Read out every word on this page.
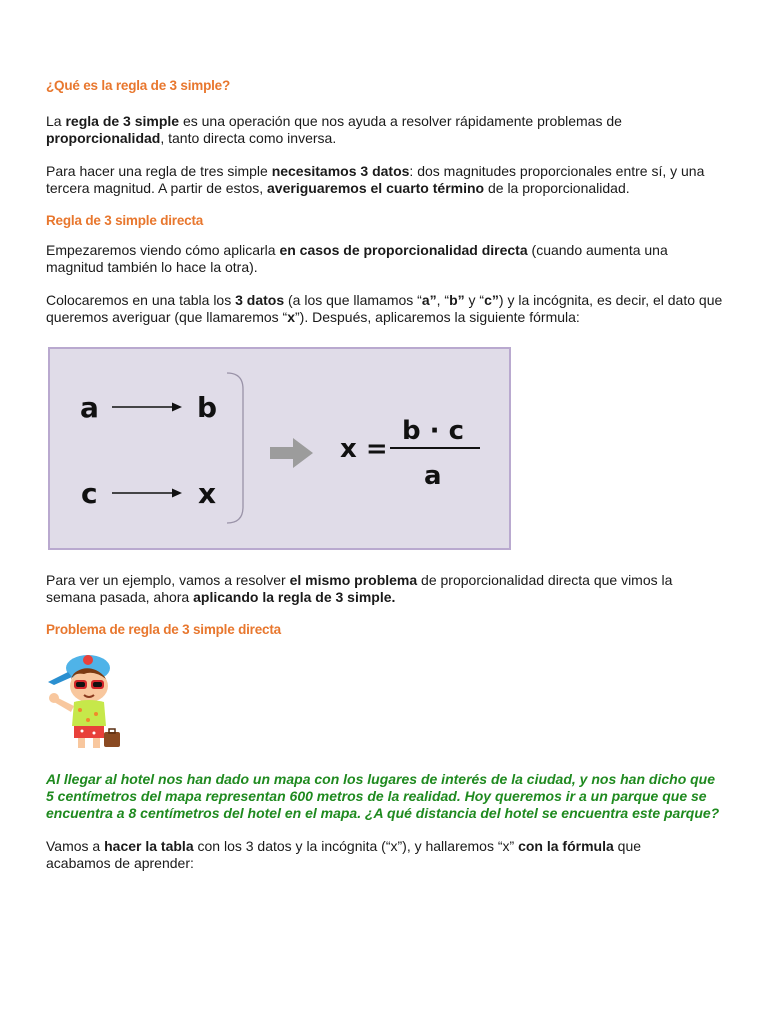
¿Qué es la regla de 3 simple?

La regla de 3 simple es una operación que nos ayuda a resolver rápidamente problemas de proporcionalidad, tanto directa como inversa.

Para hacer una regla de tres simple necesitamos 3 datos: dos magnitudes proporcionales entre sí, y una tercera magnitud. A partir de estos, averiguaremos el cuarto término de la proporcionalidad.

Regla de 3 simple directa

Empezaremos viendo cómo aplicarla en casos de proporcionalidad directa (cuando aumenta una magnitud también lo hace la otra).

Colocaremos en una tabla los 3 datos (a los que llamamos “a”, “b” y “c”) y la incógnita, es decir, el dato que queremos averiguar (que llamaremos “x”). Después, aplicaremos la siguiente fórmula:

a	b
c	x
x =
b · c
a

Para ver un ejemplo, vamos a resolver el mismo problema de proporcionalidad directa que vimos la semana pasada, ahora aplicando la regla de 3 simple.

Problema de regla de 3 simple directa

Al llegar al hotel nos han dado un mapa con los lugares de interés de la ciudad, y nos han dicho que 5 centímetros del mapa representan 600 metros de la realidad. Hoy queremos ir a un parque que se encuentra a 8 centímetros del hotel en el mapa. ¿A qué distancia del hotel se encuentra este parque?

Vamos a hacer la tabla con los 3 datos y la incógnita (“x”), y hallaremos “x” con la fórmula que acabamos de aprender:
